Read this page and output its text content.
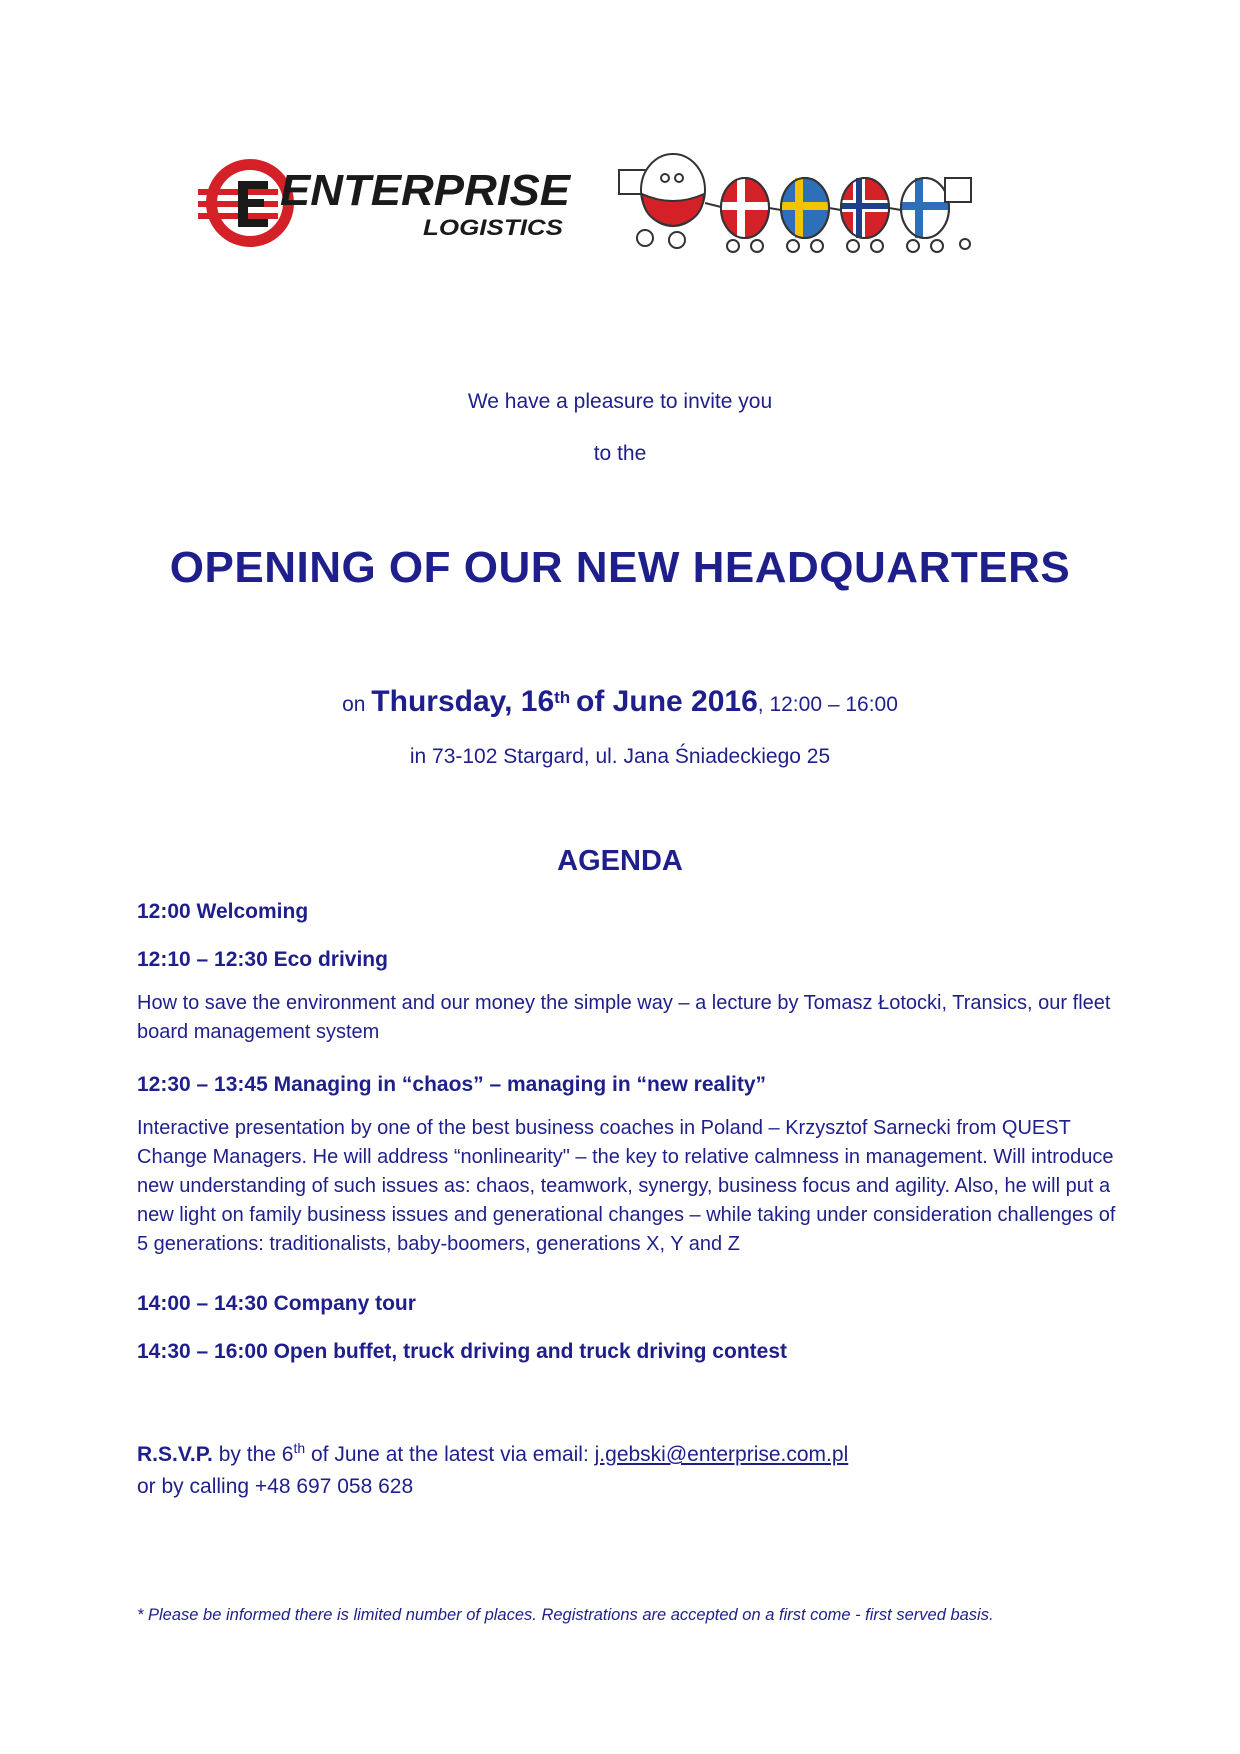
ENTERPRISE
LOGISTICS
We have a pleasure to invite you
to the
OPENING OF OUR NEW HEADQUARTERS
on Thursday, 16th of June 2016, 12:00 – 16:00
in 73-102 Stargard, ul. Jana Śniadeckiego 25
AGENDA
12:00 Welcoming
12:10 – 12:30 Eco driving
How to save the environment and our money the simple way – a lecture by Tomasz Łotocki, Transics, our fleet board management system
12:30 – 13:45 Managing in “chaos” – managing in “new reality”
Interactive presentation by one of the best business coaches in Poland – Krzysztof Sarnecki from QUEST Change Managers. He will address “nonlinearity" – the key to relative calmness in management. Will introduce new understanding of such issues as: chaos, teamwork, synergy, business focus and agility. Also, he will put a new light on family business issues and generational changes – while taking under consideration challenges of 5 generations: traditionalists, baby-boomers, generations X, Y and Z
14:00 – 14:30 Company tour
14:30 – 16:00 Open buffet, truck driving and truck driving contest
R.S.V.P. by the 6th of June at the latest via email: j.gebski@enterprise.com.pl
or by calling +48 697 058 628
* Please be informed there is limited number of places. Registrations are accepted on a first come - first served basis.
